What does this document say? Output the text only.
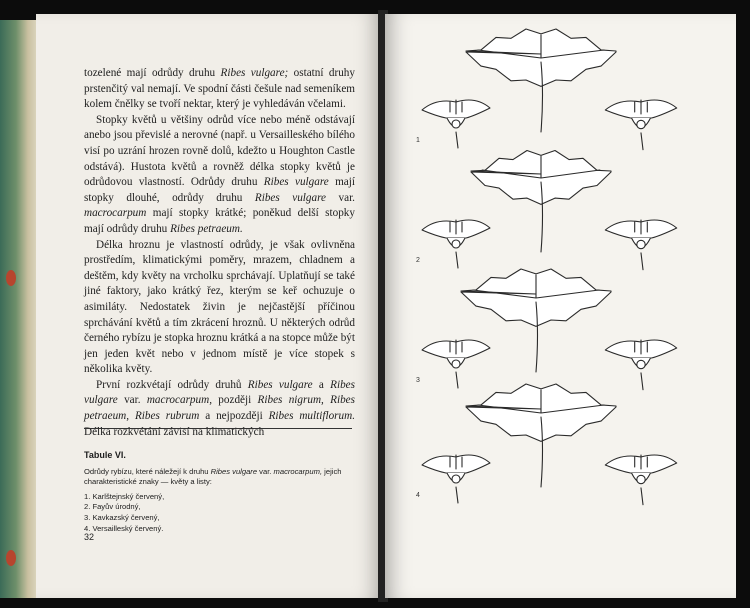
tozelené mají odrůdy druhu Ribes vulgare; ostatní druhy prstenčitý val nemají. Ve spodní části češule nad semeníkem kolem čnělky se tvoří nektar, který je vyhledáván včelami.

Stopky květů u většiny odrůd více nebo méně odstávají anebo jsou převislé a nerovné (např. u Versailleského bílého visí po uzrání hrozen rovně dolů, kdežto u Houghton Castle odstává). Hustota květů a rovněž délka stopky květů je odrůdovou vlastností. Odrůdy druhu Ribes vulgare mají stopky dlouhé, odrůdy druhu Ribes vulgare var. macrocarpum mají stopky krátké; poněkud delší stopky mají odrůdy druhu Ribes petraeum.

Délka hroznu je vlastností odrůdy, je však ovlivněna prostředím, klimatickými poměry, mrazem, chladnem a deštěm, kdy květy na vrcholku sprchávají. Uplatňují se také jiné faktory, jako krátký řez, kterým se keř ochuzuje o asimiláty. Nedostatek živin je nejčastější příčinou sprchávání květů a tím zkrácení hroznů. U některých odrůd černého rybízu je stopka hroznu krátká a na stopce může být jen jeden květ nebo v jednom místě je více stopek s několika květy.

První rozkvétají odrůdy druhů Ribes vulgare a Ribes vulgare var. macrocarpum, později Ribes nigrum, Ribes petraeum, Ribes rubrum a nejpozději Ribes multiflorum. Délka rozkvétání závisí na klimatických

Tabule VI.
Odrůdy rybízu, které náležejí k druhu Ribes vulgare var. macrocarpum, jejich charakteristické znaky — květy a listy:
1. Karlštejnský červený,
2. Fayův úrodný,
3. Kavkazský červený,
4. Versailleský červený.
32
1
2
3
4
